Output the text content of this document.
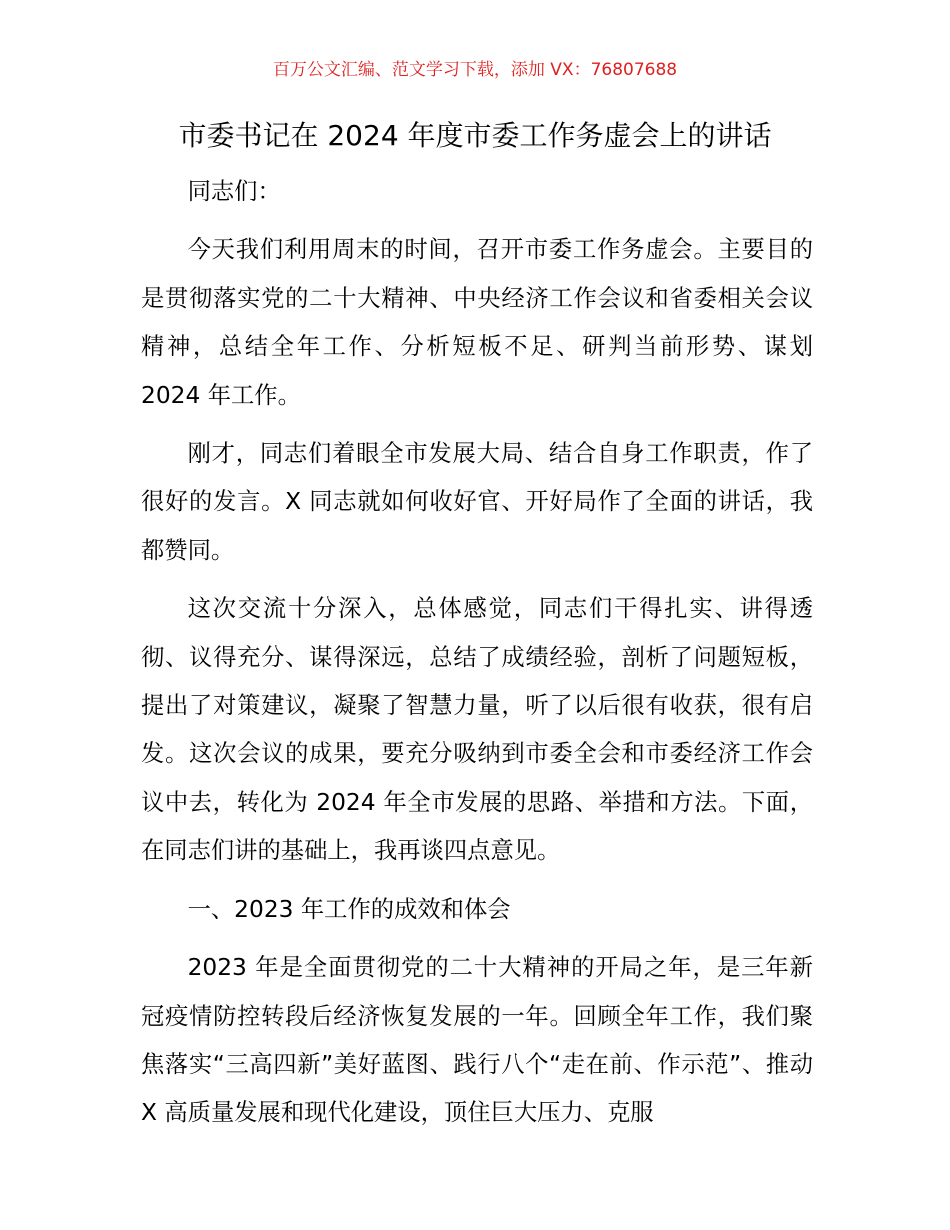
百万公文汇编、范文学习下载，添加 VX：76807688
市委书记在 2024 年度市委工作务虚会上的讲话

同志们：

今天我们利用周末的时间，召开市委工作务虚会。主要目的是贯彻落实党的二十大精神、中央经济工作会议和省委相关会议精神，总结全年工作、分析短板不足、研判当前形势、谋划 2024 年工作。

刚才，同志们着眼全市发展大局、结合自身工作职责，作了很好的发言。X 同志就如何收好官、开好局作了全面的讲话，我都赞同。

这次交流十分深入，总体感觉，同志们干得扎实、讲得透彻、议得充分、谋得深远，总结了成绩经验，剖析了问题短板，提出了对策建议，凝聚了智慧力量，听了以后很有收获，很有启发。这次会议的成果，要充分吸纳到市委全会和市委经济工作会议中去，转化为 2024 年全市发展的思路、举措和方法。下面，在同志们讲的基础上，我再谈四点意见。

一、2023 年工作的成效和体会

2023 年是全面贯彻党的二十大精神的开局之年，是三年新冠疫情防控转段后经济恢复发展的一年。回顾全年工作，我们聚焦落实“三高四新”美好蓝图、践行八个“走在前、作示范”、推动 X 高质量发展和现代化建设，顶住巨大压力、克服
